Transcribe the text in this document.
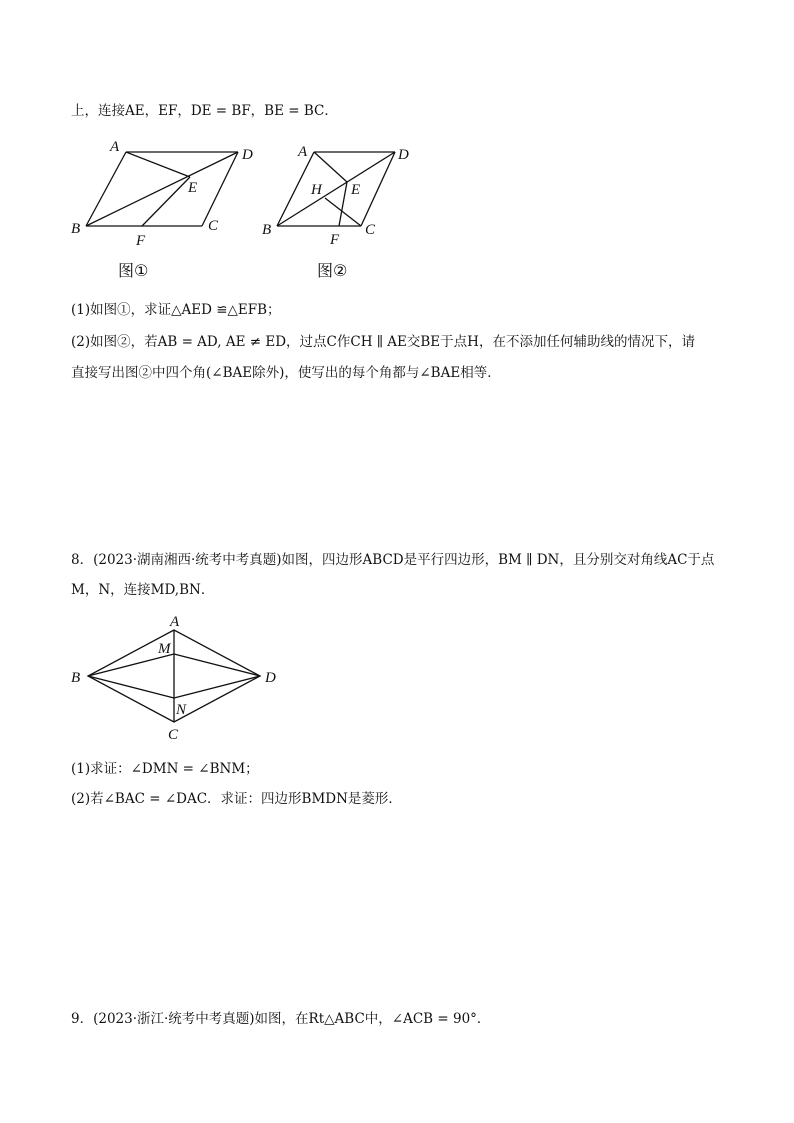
上，连接AE，EF，DE = BF，BE = BC．
A	D
E
B	C
F
图①
A	D
H E
B	C
F
图②
(1)如图①，求证△AED ≌△EFB；
(2)如图②，若AB = AD, AE ≠ ED，过点C作CH ∥ AE交BE于点H，在不添加任何辅助线的情况下，请
直接写出图②中四个角(∠BAE除外)，使写出的每个角都与∠BAE相等．
8．(2023·湖南湘西·统考中考真题)如图，四边形ABCD是平行四边形，BM ∥ DN，且分别交对角线AC于点
M，N，连接MD,BN．
A
M
B	D
N
C
(1)求证：∠DMN = ∠BNM；
(2)若∠BAC = ∠DAC．求证：四边形BMDN是菱形．
9．(2023·浙江·统考中考真题)如图，在Rt△ABC中，∠ACB = 90°．
